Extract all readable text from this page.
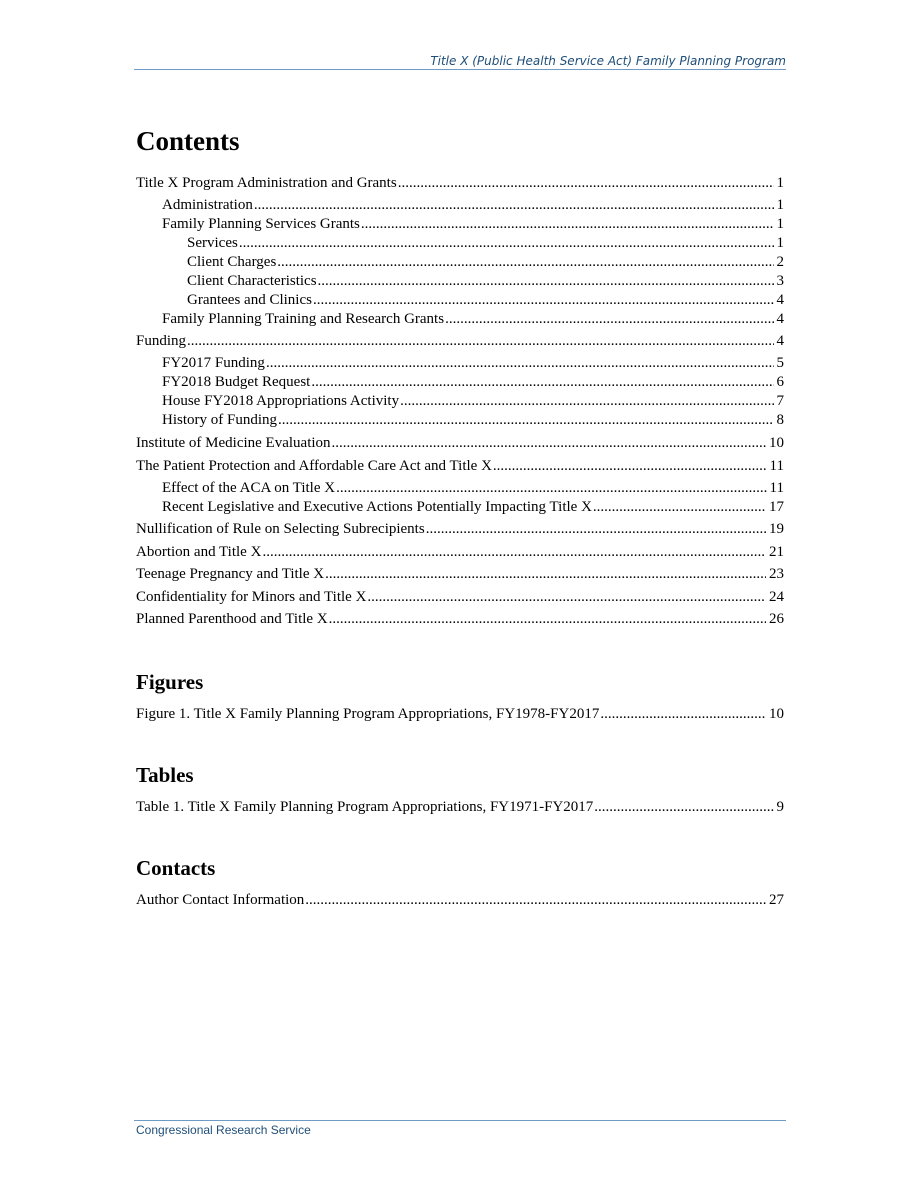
Title X (Public Health Service Act) Family Planning Program
Contents
Title X Program Administration and Grants .....	1
Administration .....	1
Family Planning Services Grants .....	1
Services .....	1
Client Charges .....	2
Client Characteristics .....	3
Grantees and Clinics .....	4
Family Planning Training and Research Grants .....	4
Funding .....	4
FY2017 Funding .....	5
FY2018 Budget Request .....	6
House FY2018 Appropriations Activity .....	7
History of Funding .....	8
Institute of Medicine Evaluation .....	10
The Patient Protection and Affordable Care Act and Title X .....	11
Effect of the ACA on Title X .....	11
Recent Legislative and Executive Actions Potentially Impacting Title X .....	17
Nullification of Rule on Selecting Subrecipients .....	19
Abortion and Title X .....	21
Teenage Pregnancy and Title X .....	23
Confidentiality for Minors and Title X .....	24
Planned Parenthood and Title X .....	26
Figures
Figure 1. Title X Family Planning Program Appropriations, FY1978-FY2017 .....	10
Tables
Table 1. Title X Family Planning Program Appropriations, FY1971-FY2017 .....	9
Contacts
Author Contact Information .....	27
Congressional Research Service
